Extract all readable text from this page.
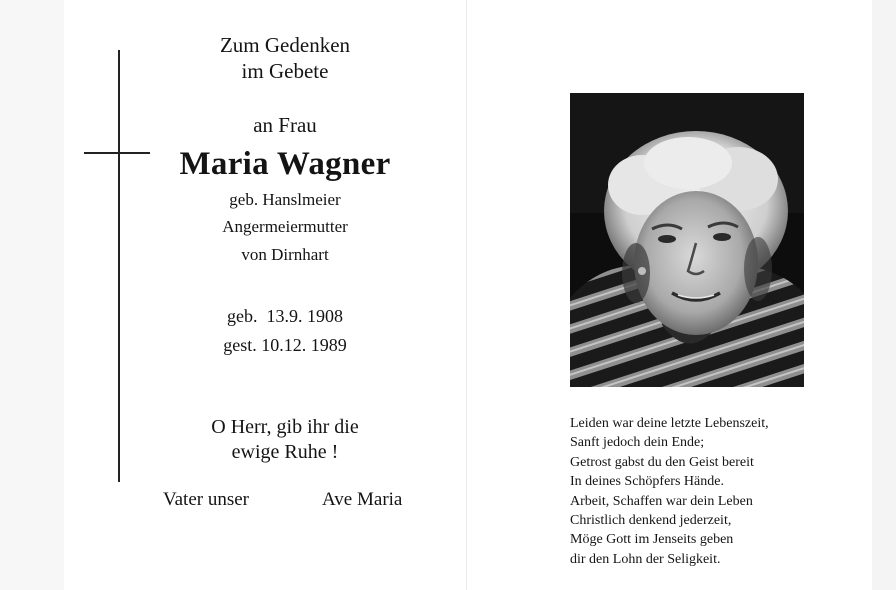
Zum Gedenken
im Gebete
an Frau
Maria Wagner
geb. Hanslmeier
Angermeiermutter
von Dirnhart
geb.  13.9. 1908
gest. 10.12. 1989
O Herr, gib ihr die
ewige Ruhe !
Vater unser	Ave Maria
Leiden war deine letzte Lebenszeit,
Sanft jedoch dein Ende;
Getrost gabst du den Geist bereit
In deines Schöpfers Hände.
Arbeit, Schaffen war dein Leben
Christlich denkend jederzeit,
Möge Gott im Jenseits geben
dir den Lohn der Seligkeit.
